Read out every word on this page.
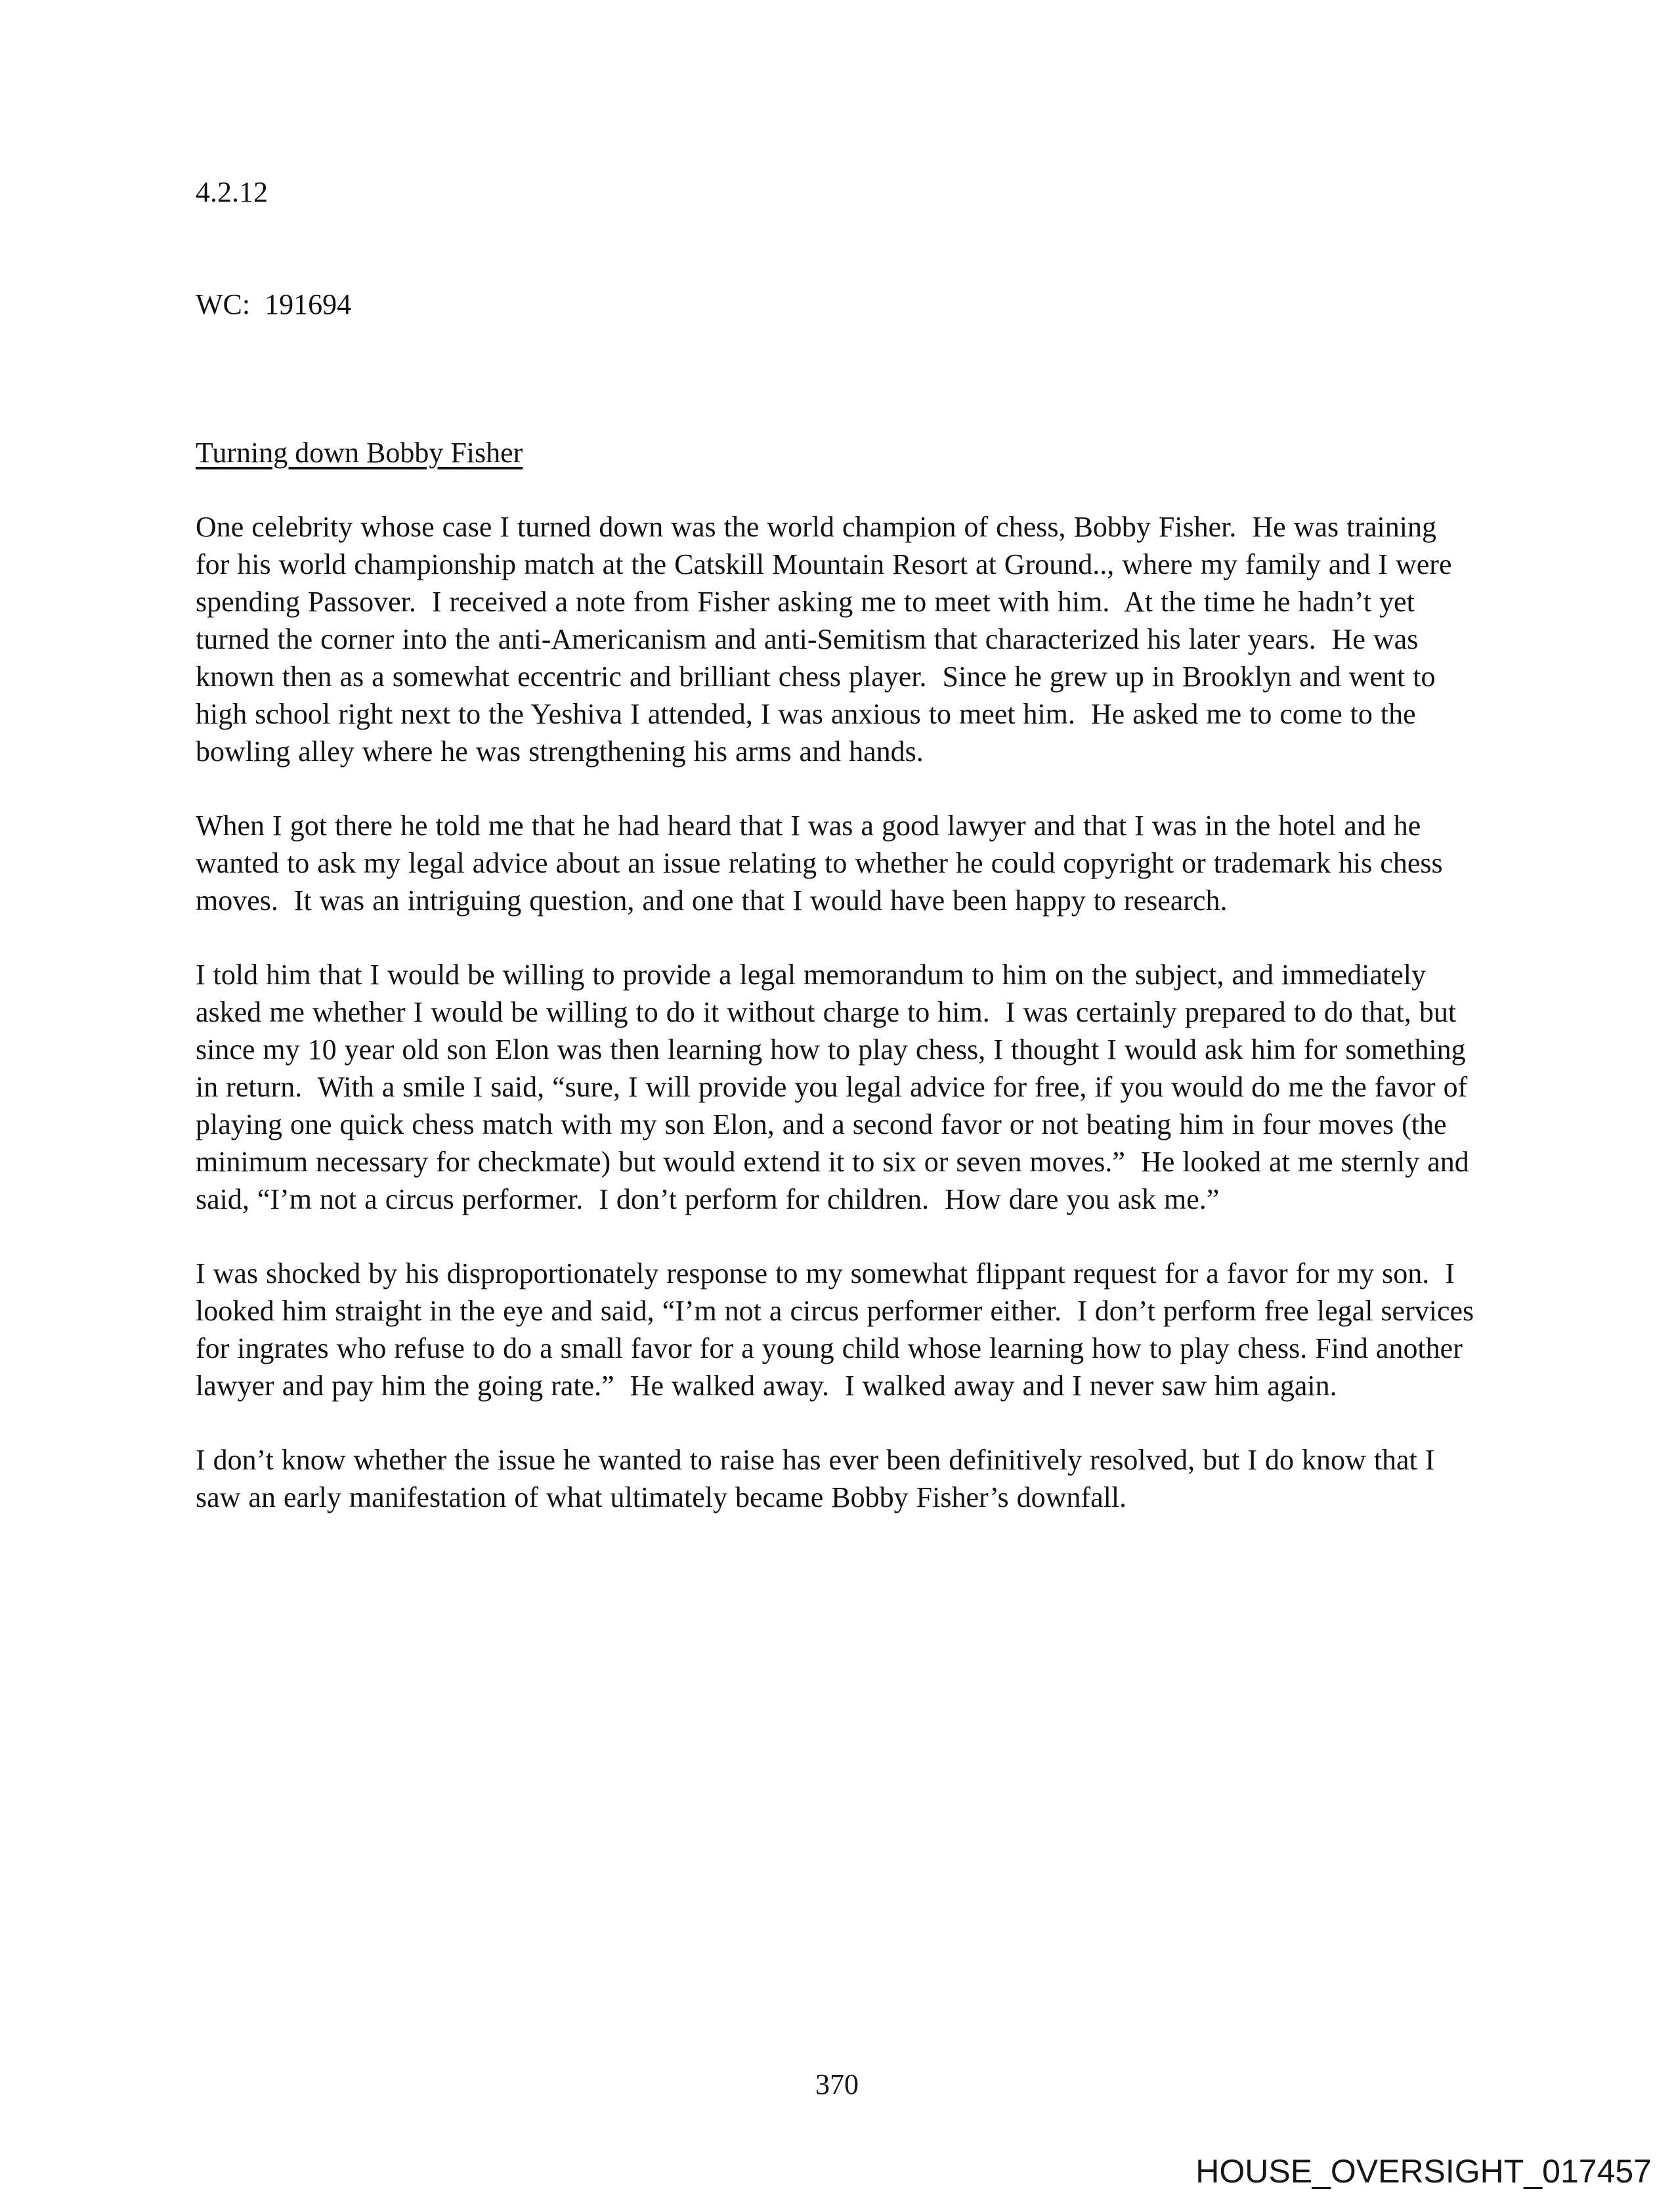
4.2.12

WC:  191694

Turning down Bobby Fisher

One celebrity whose case I turned down was the world champion of chess, Bobby Fisher.  He was training for his world championship match at the Catskill Mountain Resort at Ground.., where my family and I were spending Passover.  I received a note from Fisher asking me to meet with him.  At the time he hadn’t yet turned the corner into the anti-Americanism and anti-Semitism that characterized his later years.  He was known then as a somewhat eccentric and brilliant chess player.  Since he grew up in Brooklyn and went to high school right next to the Yeshiva I attended, I was anxious to meet him.  He asked me to come to the bowling alley where he was strengthening his arms and hands.

When I got there he told me that he had heard that I was a good lawyer and that I was in the hotel and he wanted to ask my legal advice about an issue relating to whether he could copyright or trademark his chess moves.  It was an intriguing question, and one that I would have been happy to research.

I told him that I would be willing to provide a legal memorandum to him on the subject, and immediately asked me whether I would be willing to do it without charge to him.  I was certainly prepared to do that, but since my 10 year old son Elon was then learning how to play chess, I thought I would ask him for something in return.  With a smile I said, “sure, I will provide you legal advice for free, if you would do me the favor of playing one quick chess match with my son Elon, and a second favor or not beating him in four moves (the minimum necessary for checkmate) but would extend it to six or seven moves.”  He looked at me sternly and said, “I’m not a circus performer.  I don’t perform for children.  How dare you ask me.”

I was shocked by his disproportionately response to my somewhat flippant request for a favor for my son.  I looked him straight in the eye and said, “I’m not a circus performer either.  I don’t perform free legal services for ingrates who refuse to do a small favor for a young child whose learning how to play chess. Find another lawyer and pay him the going rate.”  He walked away.  I walked away and I never saw him again.

I don’t know whether the issue he wanted to raise has ever been definitively resolved, but I do know that I saw an early manifestation of what ultimately became Bobby Fisher’s downfall.

370
HOUSE_OVERSIGHT_017457
